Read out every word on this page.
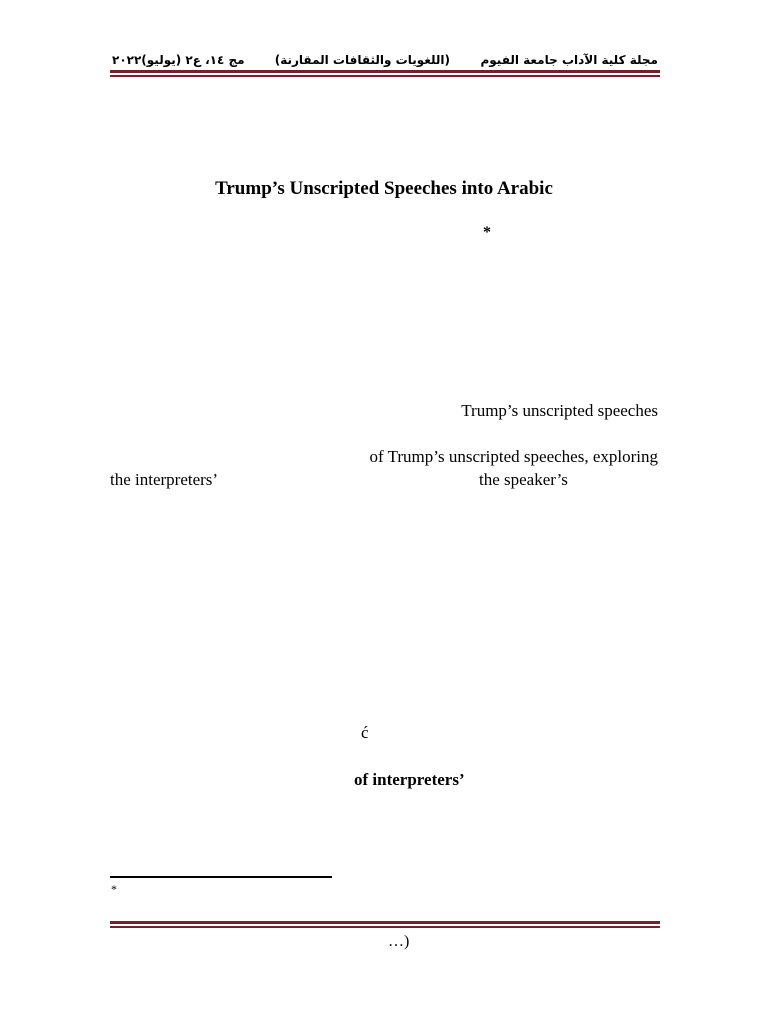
مجلة كلية الآداب جامعة الفيوم
(اللغويات والثقافات المقارنة)
مج ١٤، ع٢ (يوليو)٢٠٢٢
Trump’s Unscripted Speeches into Arabic
*
Trump’s unscripted speeches
of Trump’s unscripted speeches, exploring
the interpreters’	the speaker’s
ć
of interpreters’
*
…)
